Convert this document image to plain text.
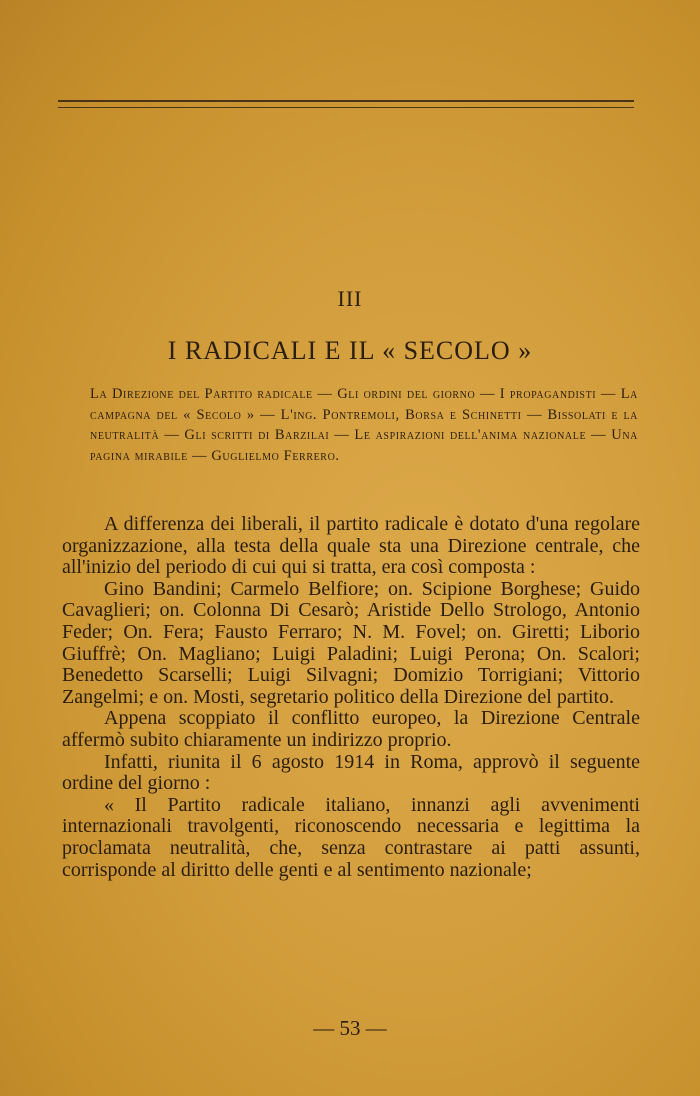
III
I RADICALI E IL « SECOLO »
La Direzione del Partito radicale — Gli ordini del giorno — I propagandisti — La campagna del « Secolo » — L'ing. Pontremoli, Borsa e Schinetti — Bissolati e la neutralità — Gli scritti di Barzilai — Le aspirazioni dell'anima nazionale — Una pagina mirabile — Guglielmo Ferrero.

A differenza dei liberali, il partito radicale è dotato d'una regolare organizzazione, alla testa della quale sta una Direzione centrale, che all'inizio del periodo di cui qui si tratta, era così composta :

Gino Bandini; Carmelo Belfiore; on. Scipione Borghese; Guido Cavaglieri; on. Colonna Di Cesarò; Aristide Dello Strologo, Antonio Feder; On. Fera; Fausto Ferraro; N. M. Fovel; on. Giretti; Liborio Giuffrè; On. Magliano; Luigi Paladini; Luigi Perona; On. Scalori; Benedetto Scarselli; Luigi Silvagni; Domizio Torrigiani; Vittorio Zangelmi; e on. Mosti, segretario politico della Direzione del partito.

Appena scoppiato il conflitto europeo, la Direzione Centrale affermò subito chiaramente un indirizzo proprio.

Infatti, riunita il 6 agosto 1914 in Roma, approvò il seguente ordine del giorno :

« Il Partito radicale italiano, innanzi agli avvenimenti internazionali travolgenti, riconoscendo necessaria e legittima la proclamata neutralità, che, senza contrastare ai patti assunti, corrisponde al diritto delle genti e al sentimento nazionale;

— 53 —
